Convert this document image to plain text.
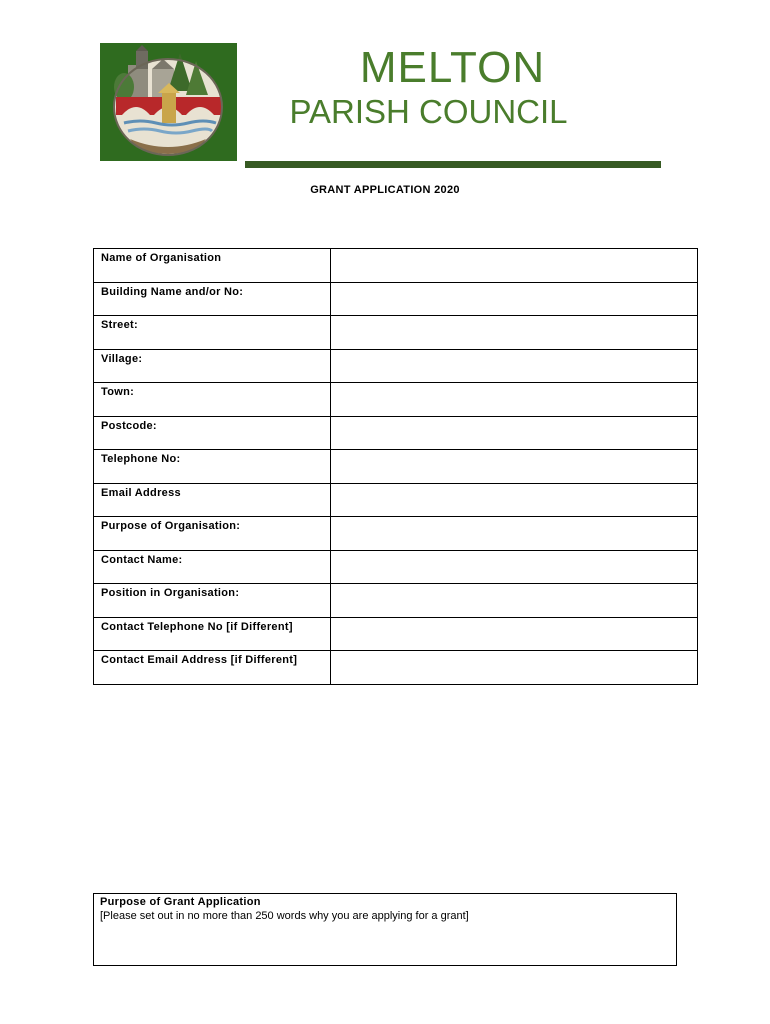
MELTON
PARISH COUNCIL
GRANT APPLICATION 2020
Name of Organisation	
Building Name and/or No:	
Street:	
Village:	
Town:	
Postcode:	
Telephone No:	
Email Address	
Purpose of Organisation:	
Contact Name:	
Position in Organisation:	
Contact Telephone No [if Different]	
Contact Email Address [if Different]	
Purpose of Grant Application
[Please set out in no more than 250 words why you are applying for a grant]
